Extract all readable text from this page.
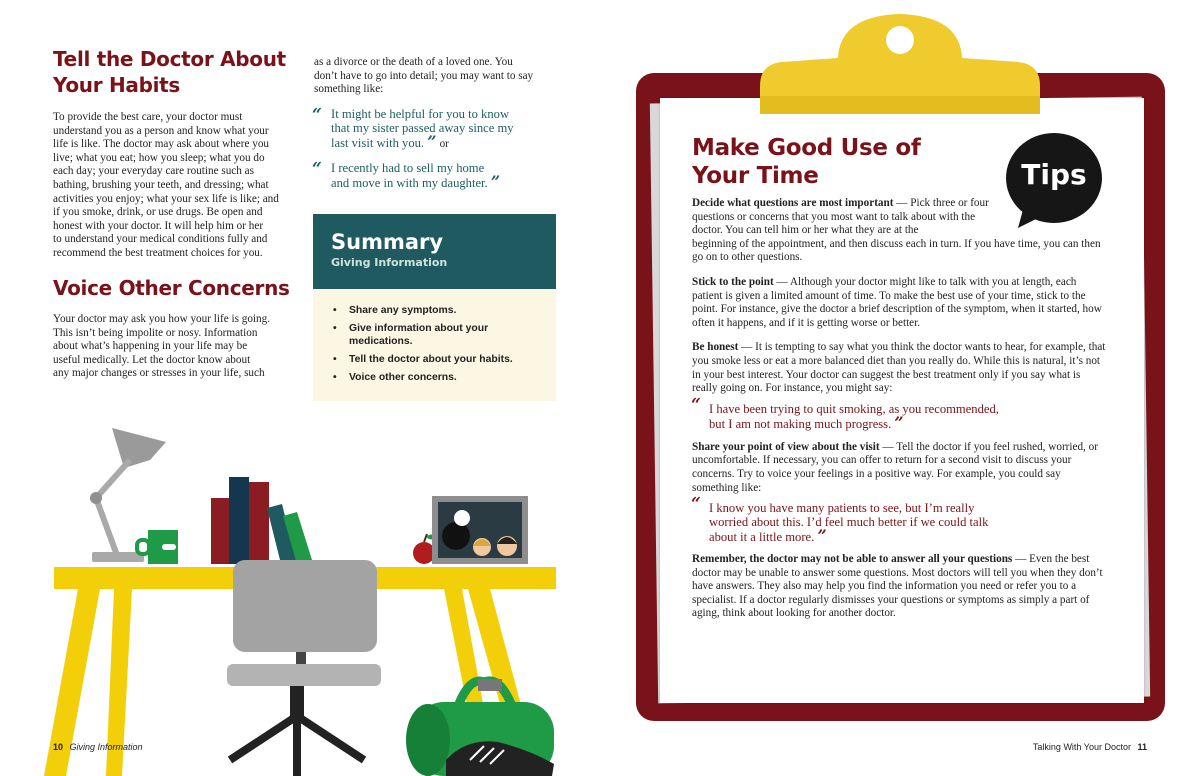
Tell the Doctor About
Your Habits
To provide the best care, your doctor must
understand you as a person and know what your
life is like. The doctor may ask about where you
live; what you eat; how you sleep; what you do
each day; your everyday care routine such as
bathing, brushing your teeth, and dressing; what
activities you enjoy; what your sex life is like; and
if you smoke, drink, or use drugs. Be open and
honest with your doctor. It will help him or her
to understand your medical conditions fully and
recommend the best treatment choices for you.
Voice Other Concerns
Your doctor may ask you how your life is going.
This isn’t being impolite or nosy. Information
about what’s happening in your life may be
useful medically. Let the doctor know about
any major changes or stresses in your life, such
as a divorce or the death of a loved one. You
don’t have to go into detail; you may want to say
something like:
“ It might be helpful for you to know
that my sister passed away since my
last visit with you. ” or
“ I recently had to sell my home
and move in with my daughter. ”
Summary
Giving Information
• Share any symptoms.
• Give information about your medications.
• Tell the doctor about your habits.
• Voice other concerns.
10 Giving Information
Make Good Use of
Your Time	Tips

Decide what questions are most important — Pick three or four questions or concerns that you most want to talk about with the doctor. You can tell him or her what they are at the

beginning of the appointment, and then discuss each in turn. If you have time, you can then go on to other questions.

Stick to the point — Although your doctor might like to talk with you at length, each patient is given a limited amount of time. To make the best use of your time, stick to the point. For instance, give the doctor a brief description of the symptom, when it started, how often it happens, and if it is getting worse or better.

Be honest — It is tempting to say what you think the doctor wants to hear, for example, that you smoke less or eat a more balanced diet than you really do. While this is natural, it’s not in your best interest. Your doctor can suggest the best treatment only if you say what is really going on. For instance, you might say:

“ I have been trying to quit smoking, as you recommended,
but I am not making much progress. ”

Share your point of view about the visit — Tell the doctor if you feel rushed, worried, or uncomfortable. If necessary, you can offer to return for a second visit to discuss your concerns. Try to voice your feelings in a positive way. For example, you could say something like:

“ I know you have many patients to see, but I’m really
worried about this. I’d feel much better if we could talk
about it a little more. ”

Remember, the doctor may not be able to answer all your questions — Even the best doctor may be unable to answer some questions. Most doctors will tell you when they don’t have answers. They also may help you find the information you need or refer you to a specialist. If a doctor regularly dismisses your questions or symptoms as simply a part of aging, think about looking for another doctor.

Talking With Your Doctor 11
